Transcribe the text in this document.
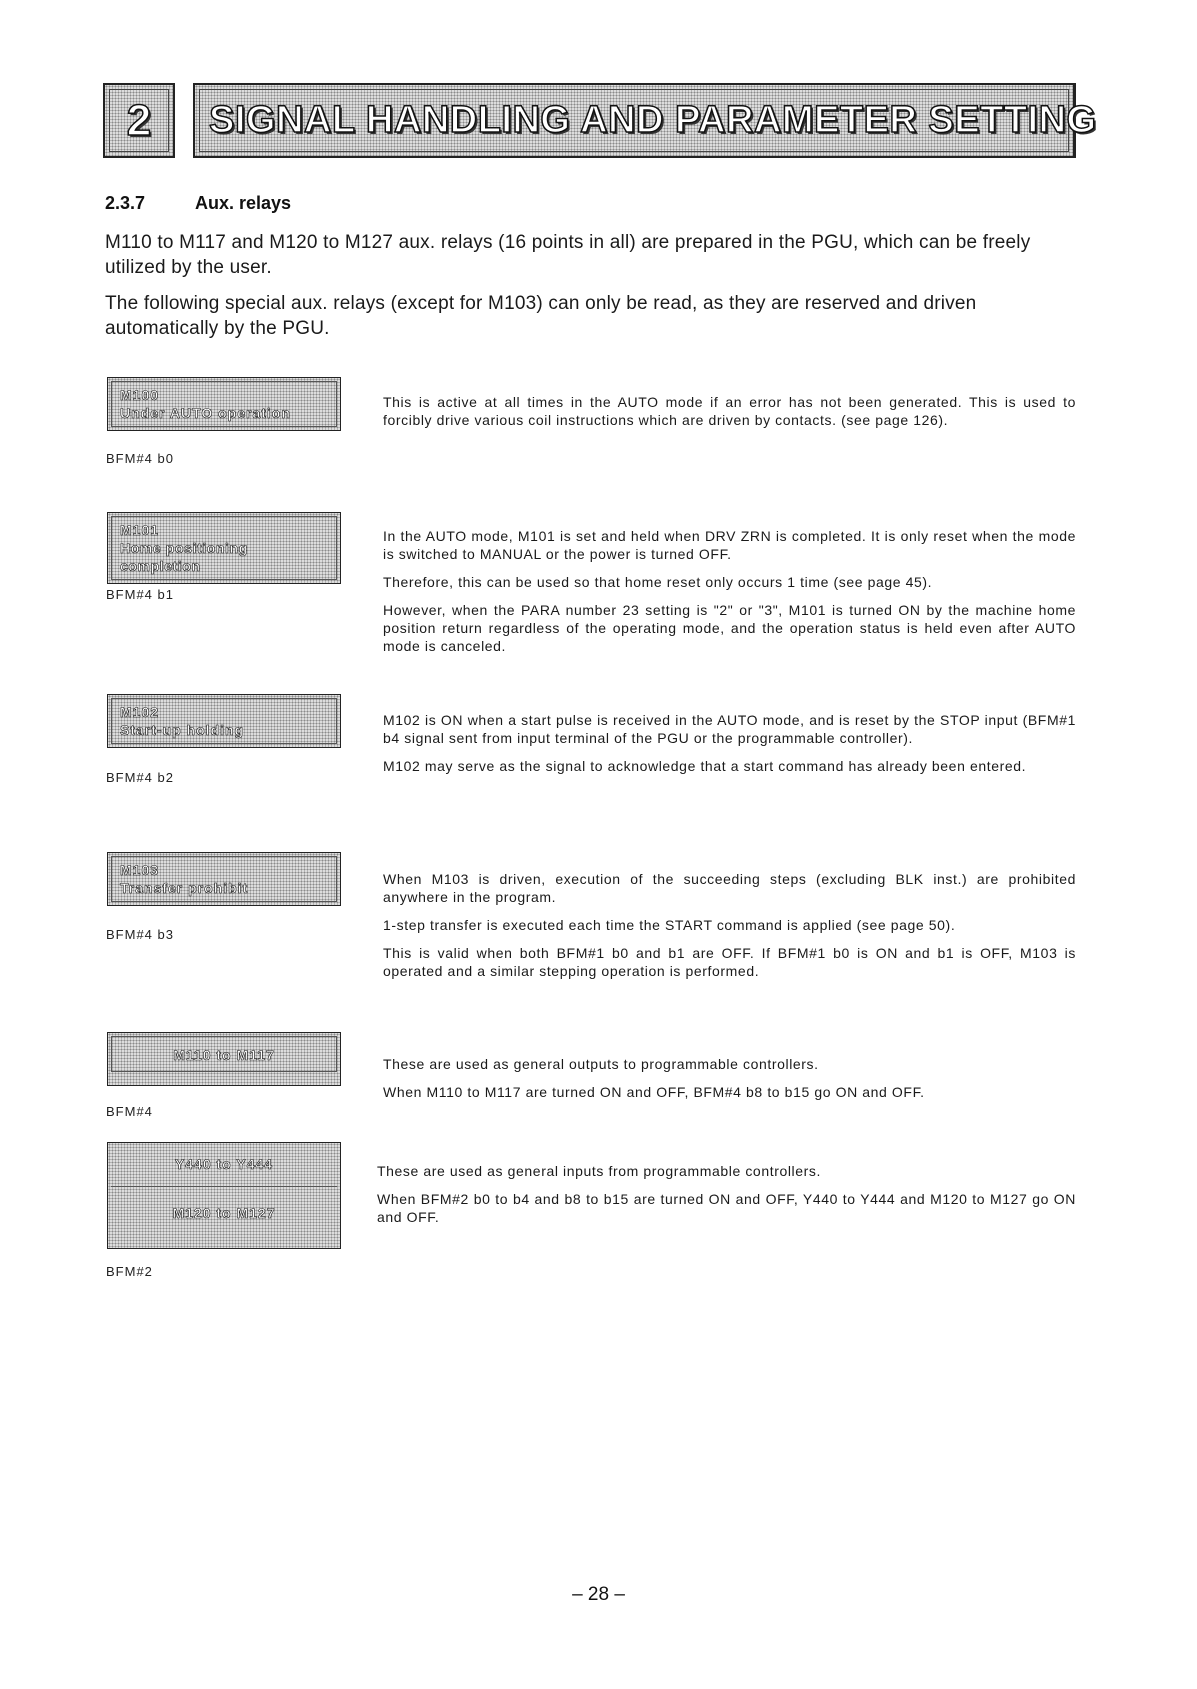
2 SIGNAL HANDLING AND PARAMETER SETTING
2.3.7	Aux. relays
M110 to M117 and M120 to M127 aux. relays (16 points in all) are prepared in the PGU, which can be freely utilized by the user.
The following special aux. relays (except for M103) can only be read, as they are reserved and driven automatically by the PGU.
M100
Under AUTO operation
BFM#4 b0

This is active at all times in the AUTO mode if an error has not been generated. This is used to forcibly drive various coil instructions which are driven by contacts. (see page 126).

M101
Home positioning completion
BFM#4 b1

In the AUTO mode, M101 is set and held when DRV ZRN is completed. It is only reset when the mode is switched to MANUAL or the power is turned OFF.

Therefore, this can be used so that home reset only occurs 1 time (see page 45).

However, when the PARA number 23 setting is "2" or "3", M101 is turned ON by the machine home position return regardless of the operating mode, and the operation status is held even after AUTO mode is canceled.

M102
Start-up holding
BFM#4 b2

M102 is ON when a start pulse is received in the AUTO mode, and is reset by the STOP input (BFM#1 b4 signal sent from input terminal of the PGU or the programmable controller).

M102 may serve as the signal to acknowledge that a start command has already been entered.

M103
Transfer prohibit
BFM#4 b3

When M103 is driven, execution of the succeeding steps (excluding BLK inst.) are prohibited anywhere in the program.

1-step transfer is executed each time the START command is applied (see page 50).

This is valid when both BFM#1 b0 and b1 are OFF. If BFM#1 b0 is ON and b1 is OFF, M103 is operated and a similar stepping operation is performed.

M110 to M117
BFM#4

These are used as general outputs to programmable controllers.

When M110 to M117 are turned ON and OFF, BFM#4 b8 to b15 go ON and OFF.

Y440 to Y444
M120 to M127
BFM#2

These are used as general inputs from programmable controllers.

When BFM#2 b0 to b4 and b8 to b15 are turned ON and OFF, Y440 to Y444 and M120 to M127 go ON and OFF.

– 28 –
